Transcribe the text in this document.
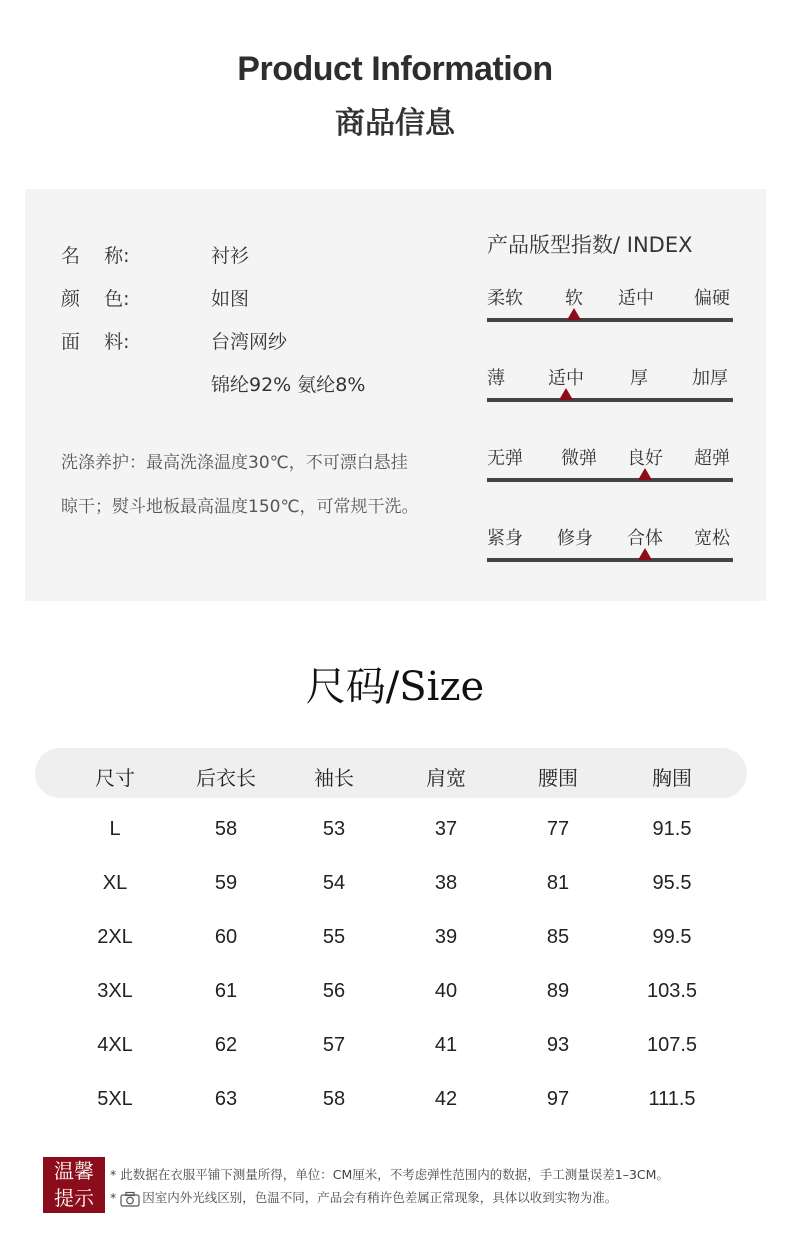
Product Information
商品信息
名    称:	衬衫
颜    色:	如图
面    料:	台湾网纱
锦纶92% 氨纶8%
洗涤养护：最高洗涤温度30℃，不可漂白悬挂晾干；熨斗地板最高温度150℃，可常规干洗。
产品版型指数/ INDEX
柔软 软 适中 偏硬
薄 适中	厚 加厚
无弹 微弹 良好 超弹
紧身 修身 合体 宽松
尺码/Size
尺寸	后衣长	袖长	肩宽	腰围	胸围
L	58	53	37	77	91.5
XL	59	54	38	81	95.5
2XL	60	55	39	85	99.5
3XL	61	56	40	89	103.5
4XL	62	57	41	93	107.5
5XL	63	58	42	97	111.5
温馨
提示
* 此数据在衣服平铺下测量所得，单位：CM厘米，不考虑弹性范围内的数据，手工测量误差1–3CM。
* 因室内外光线区别，色温不同，产品会有稍许色差属正常现象，具体以收到实物为准。
